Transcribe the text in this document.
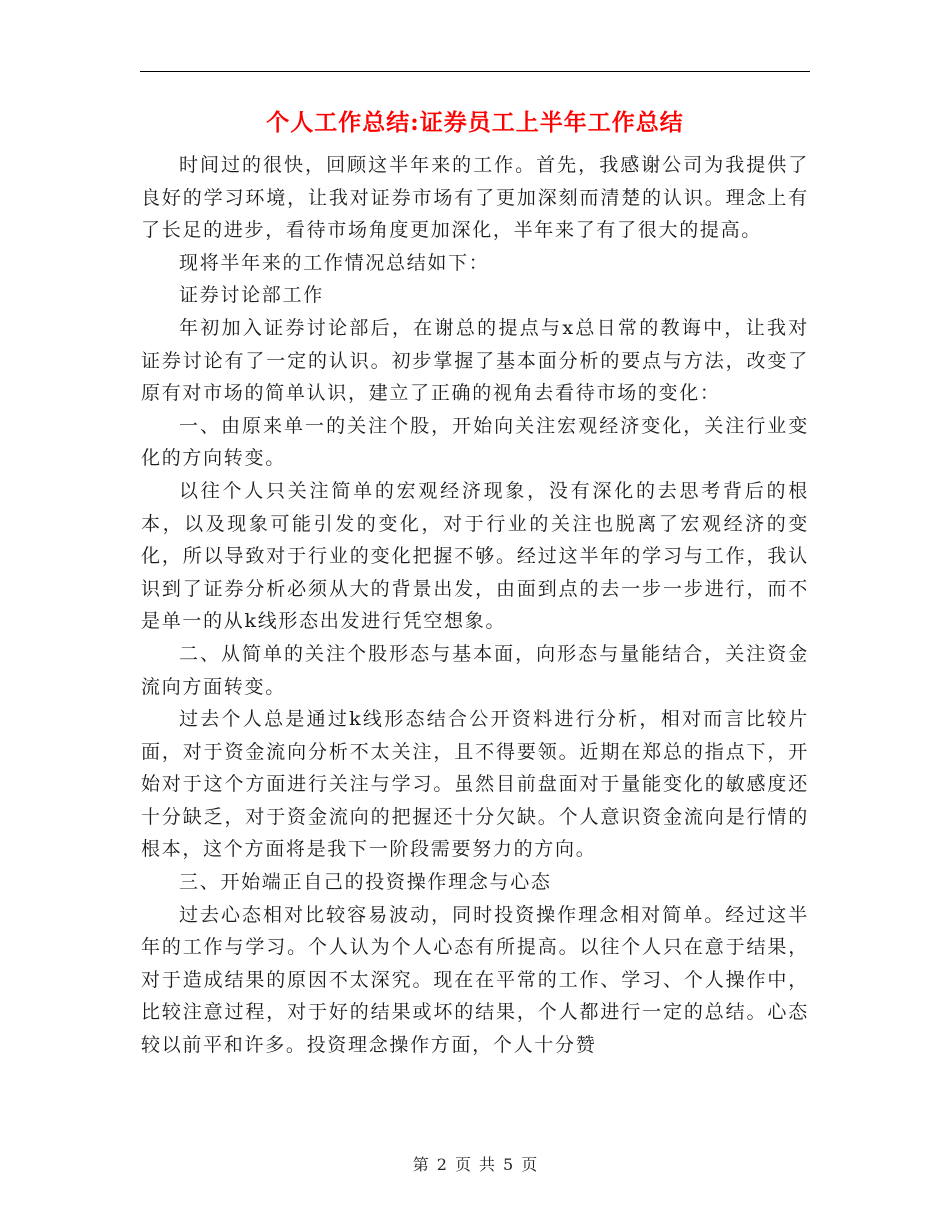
个人工作总结:证券员工上半年工作总结

时间过的很快，回顾这半年来的工作。首先，我感谢公司为我提供了良好的学习环境，让我对证券市场有了更加深刻而清楚的认识。理念上有了长足的进步，看待市场角度更加深化，半年来了有了很大的提高。

现将半年来的工作情况总结如下：

证券讨论部工作

年初加入证券讨论部后，在谢总的提点与x总日常的教诲中，让我对证券讨论有了一定的认识。初步掌握了基本面分析的要点与方法，改变了原有对市场的简单认识，建立了正确的视角去看待市场的变化：

一、由原来单一的关注个股，开始向关注宏观经济变化，关注行业变化的方向转变。

以往个人只关注简单的宏观经济现象，没有深化的去思考背后的根本，以及现象可能引发的变化，对于行业的关注也脱离了宏观经济的变化，所以导致对于行业的变化把握不够。经过这半年的学习与工作，我认识到了证券分析必须从大的背景出发，由面到点的去一步一步进行，而不是单一的从k线形态出发进行凭空想象。

二、从简单的关注个股形态与基本面，向形态与量能结合，关注资金流向方面转变。

过去个人总是通过k线形态结合公开资料进行分析，相对而言比较片面，对于资金流向分析不太关注，且不得要领。近期在郑总的指点下，开始对于这个方面进行关注与学习。虽然目前盘面对于量能变化的敏感度还十分缺乏，对于资金流向的把握还十分欠缺。个人意识资金流向是行情的根本，这个方面将是我下一阶段需要努力的方向。

三、开始端正自己的投资操作理念与心态

过去心态相对比较容易波动，同时投资操作理念相对简单。经过这半年的工作与学习。个人认为个人心态有所提高。以往个人只在意于结果，对于造成结果的原因不太深究。现在在平常的工作、学习、个人操作中，比较注意过程，对于好的结果或坏的结果，个人都进行一定的总结。心态较以前平和许多。投资理念操作方面，个人十分赞

第 2 页 共 5 页
